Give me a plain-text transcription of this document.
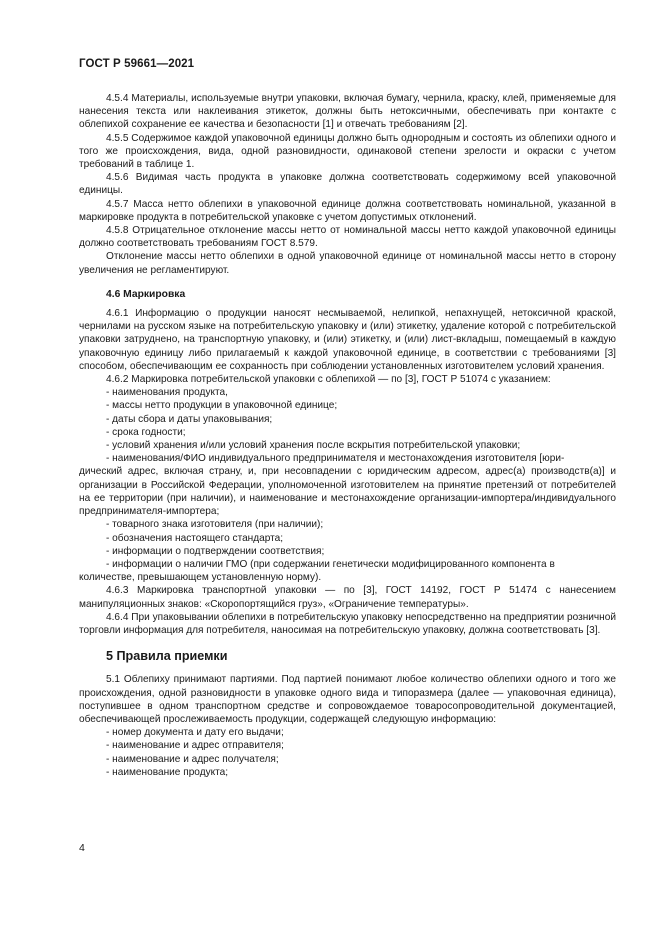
ГОСТ Р 59661—2021

4.5.4 Материалы, используемые внутри упаковки, включая бумагу, чернила, краску, клей, применяемые для нанесения текста или наклеивания этикеток, должны быть нетоксичными, обеспечивать при контакте с облепихой сохранение ее качества и безопасности [1] и отвечать требованиям [2].

4.5.5 Содержимое каждой упаковочной единицы должно быть однородным и состоять из облепихи одного и того же происхождения, вида, одной разновидности, одинаковой степени зрелости и окраски с учетом требований в таблице 1.

4.5.6 Видимая часть продукта в упаковке должна соответствовать содержимому всей упаковочной единицы.

4.5.7 Масса нетто облепихи в упаковочной единице должна соответствовать номинальной, указанной в маркировке продукта в потребительской упаковке с учетом допустимых отклонений.

4.5.8 Отрицательное отклонение массы нетто от номинальной массы нетто каждой упаковочной единицы должно соответствовать требованиям ГОСТ 8.579.

Отклонение массы нетто облепихи в одной упаковочной единице от номинальной массы нетто в сторону увеличения не регламентируют.

4.6 Маркировка

4.6.1 Информацию о продукции наносят несмываемой, нелипкой, непахнущей, нетоксичной краской, чернилами на русском языке на потребительскую упаковку и (или) этикетку, удаление которой с потребительской упаковки затруднено, на транспортную упаковку, и (или) этикетку, и (или) лист-вкладыш, помещаемый в каждую упаковочную единицу либо прилагаемый к каждой упаковочной единице, в соответствии с требованиями [3] способом, обеспечивающим ее сохранность при соблюдении установленных изготовителем условий хранения.

4.6.2 Маркировка потребительской упаковки с облепихой — по [3], ГОСТ Р 51074 с указанием:

- наименования продукта,

- массы нетто продукции в упаковочной единице;

- даты сбора и даты упаковывания;

- срока годности;

- условий хранения и/или условий хранения после вскрытия потребительской упаковки;

- наименования/ФИО индивидуального предпринимателя и местонахождения изготовителя [юри-

дический адрес, включая страну, и, при несовпадении с юридическим адресом, адрес(а) производств(а)] и организации в Российской Федерации, уполномоченной изготовителем на принятие претензий от потребителей на ее территории (при наличии), и наименование и местонахождение организации-импортера/индивидуального предпринимателя-импортера;

- товарного знака изготовителя (при наличии);

- обозначения настоящего стандарта;

- информации о подтверждении соответствия;

- информации о наличии ГМО (при содержании генетически модифицированного компонента в

количестве, превышающем установленную норму).

4.6.3 Маркировка транспортной упаковки — по [3], ГОСТ 14192, ГОСТ Р 51474 с нанесением манипуляционных знаков: «Скоропортящийся груз», «Ограничение температуры».

4.6.4 При упаковывании облепихи в потребительскую упаковку непосредственно на предприятии розничной торговли информация для потребителя, наносимая на потребительскую упаковку, должна соответствовать [3].

5 Правила приемки

5.1 Облепиху принимают партиями. Под партией понимают любое количество облепихи одного и того же происхождения, одной разновидности в упаковке одного вида и типоразмера (далее — упаковочная единица), поступившее в одном транспортном средстве и сопровождаемое товаросопроводительной документацией, обеспечивающей прослеживаемость продукции, содержащей следующую информацию:

- номер документа и дату его выдачи;

- наименование и адрес отправителя;

- наименование и адрес получателя;

- наименование продукта;

4
